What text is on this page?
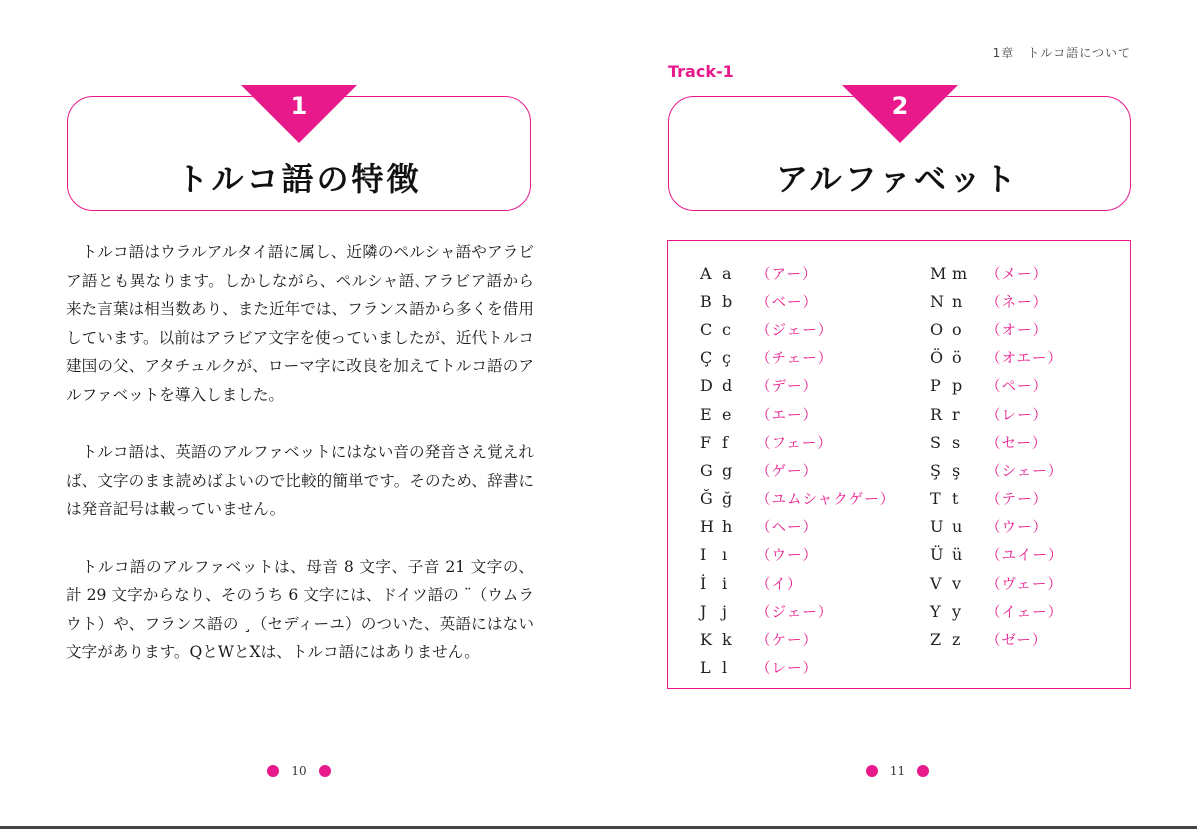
1
トルコ語の特徴

トルコ語はウラルアルタイ語に属し、近隣のペルシャ語やアラビア語とも異なります。しかしながら、ペルシャ語､アラビア語から来た言葉は相当数あり、また近年では、フランス語から多くを借用しています。以前はアラビア文字を使っていましたが、近代トルコ建国の父、アタチュルクが、ローマ字に改良を加えてトルコ語のアルファベットを導入しました。

トルコ語は、英語のアルファベットにはない音の発音さえ覚えれば、文字のまま読めばよいので比較的簡単です。そのため、辞書には発音記号は載っていません。

トルコ語のアルファベットは、母音 8 文字、子音 21 文字の、計 29 文字からなり、そのうち 6 文字には、ドイツ語の ¨（ウムラウト）や、フランス語の ¸（セディーユ）のついた、英語にはない文字があります。QとWとXは、トルコ語にはありません。

10
1章　トルコ語について
Track-1
2
アルファベット
A a	（アー）
B b	（ベー）
C c	（ジェー）
Ç ç	（チェー）
D d	（デー）
E e	（エー）
F f	（フェー）
G g	（ゲー）
Ğ ğ	（ユムシャクゲー）
H h	（ヘー）
I ı	（ウー）
İ i	（イ）
J j	（ジェー）
K k	（ケー）
L l	（レー）
M m	（メー）
N n	（ネー）
O o	（オー）
Ö ö	（オエー）
P p	（ペー）
R r	（レー）
S s	（セー）
Ş ş	（シェー）
T t	（テー）
U u	（ウー）
Ü ü	（ユイー）
V v	（ヴェー）
Y y	（イェー）
Z z	（ゼー）
11
